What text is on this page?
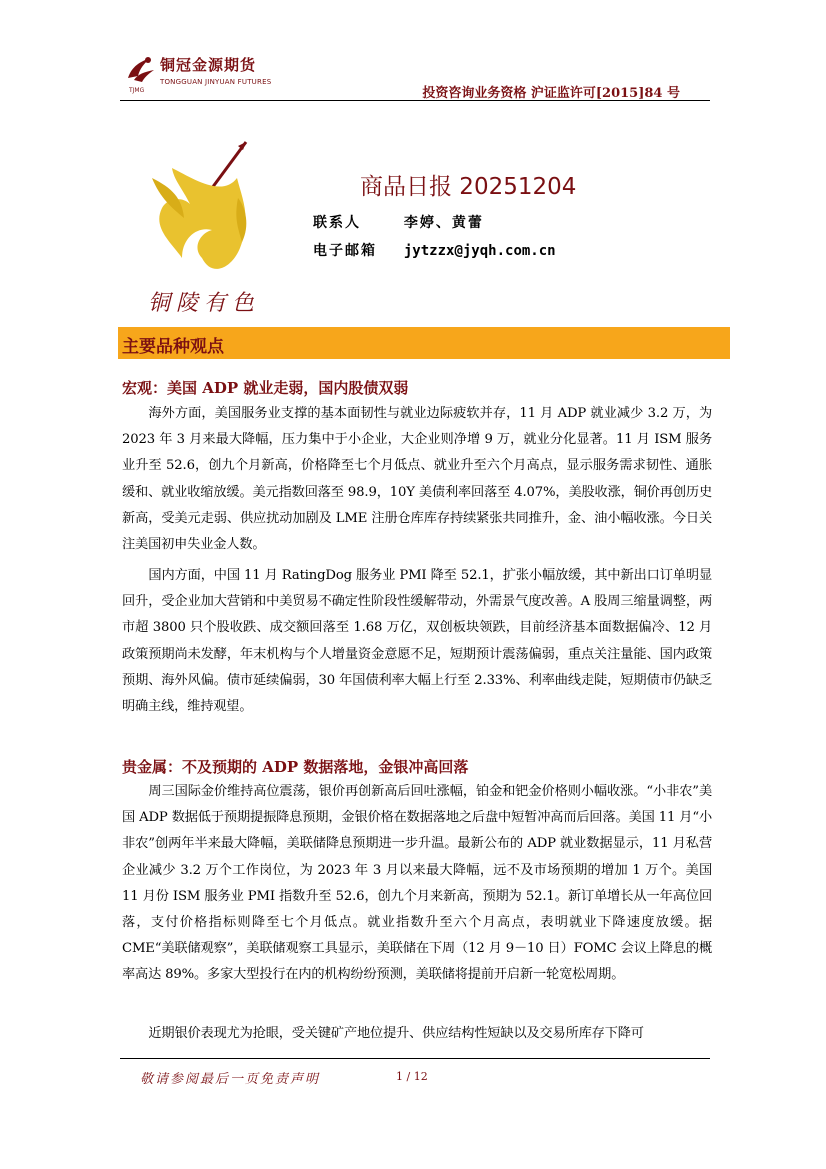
铜冠金源期货
TONGGUAN JINYUAN FUTURES
TJMG	投资咨询业务资格 沪证监许可[2015]84 号
铜陵有色
商品日报 20251204
联系人	李婷、黄蕾
电子邮箱 jytzzx@jyqh.com.cn
主要品种观点
宏观：美国 ADP 就业走弱，国内股债双弱
海外方面，美国服务业支撑的基本面韧性与就业边际疲软并存，11 月 ADP 就业减少 3.2 万，为 2023 年 3 月来最大降幅，压力集中于小企业，大企业则净增 9 万，就业分化显著。11 月 ISM 服务业升至 52.6，创九个月新高，价格降至七个月低点、就业升至六个月高点，显示服务需求韧性、通胀缓和、就业收缩放缓。美元指数回落至 98.9，10Y 美债利率回落至 4.07%，美股收涨，铜价再创历史新高，受美元走弱、供应扰动加剧及 LME 注册仓库库存持续紧张共同推升，金、油小幅收涨。今日关注美国初申失业金人数。
国内方面，中国 11 月 RatingDog 服务业 PMI 降至 52.1，扩张小幅放缓，其中新出口订单明显回升，受企业加大营销和中美贸易不确定性阶段性缓解带动，外需景气度改善。A 股周三缩量调整，两市超 3800 只个股收跌、成交额回落至 1.68 万亿，双创板块领跌，目前经济基本面数据偏冷、12 月政策预期尚未发酵，年末机构与个人增量资金意愿不足，短期预计震荡偏弱，重点关注量能、国内政策预期、海外风偏。债市延续偏弱，30 年国债利率大幅上行至 2.33%、利率曲线走陡，短期债市仍缺乏明确主线，维持观望。
贵金属：不及预期的 ADP 数据落地，金银冲高回落
周三国际金价维持高位震荡，银价再创新高后回吐涨幅，铂金和钯金价格则小幅收涨。“小非农”美国 ADP 数据低于预期提振降息预期，金银价格在数据落地之后盘中短暂冲高而后回落。美国 11 月“小非农”创两年半来最大降幅，美联储降息预期进一步升温。最新公布的 ADP 就业数据显示，11 月私营企业减少 3.2 万个工作岗位，为 2023 年 3 月以来最大降幅，远不及市场预期的增加 1 万个。美国 11 月份 ISM 服务业 PMI 指数升至 52.6，创九个月来新高，预期为 52.1。新订单增长从一年高位回落，支付价格指标则降至七个月低点。就业指数升至六个月高点，表明就业下降速度放缓。据 CME“美联储观察”，美联储观察工具显示，美联储在下周（12 月 9－10 日）FOMC 会议上降息的概率高达 89%。多家大型投行在内的机构纷纷预测，美联储将提前开启新一轮宽松周期。
近期银价表现尤为抢眼，受关键矿产地位提升、供应结构性短缺以及交易所库存下降可
敬请参阅最后一页免责声明	1 / 12
